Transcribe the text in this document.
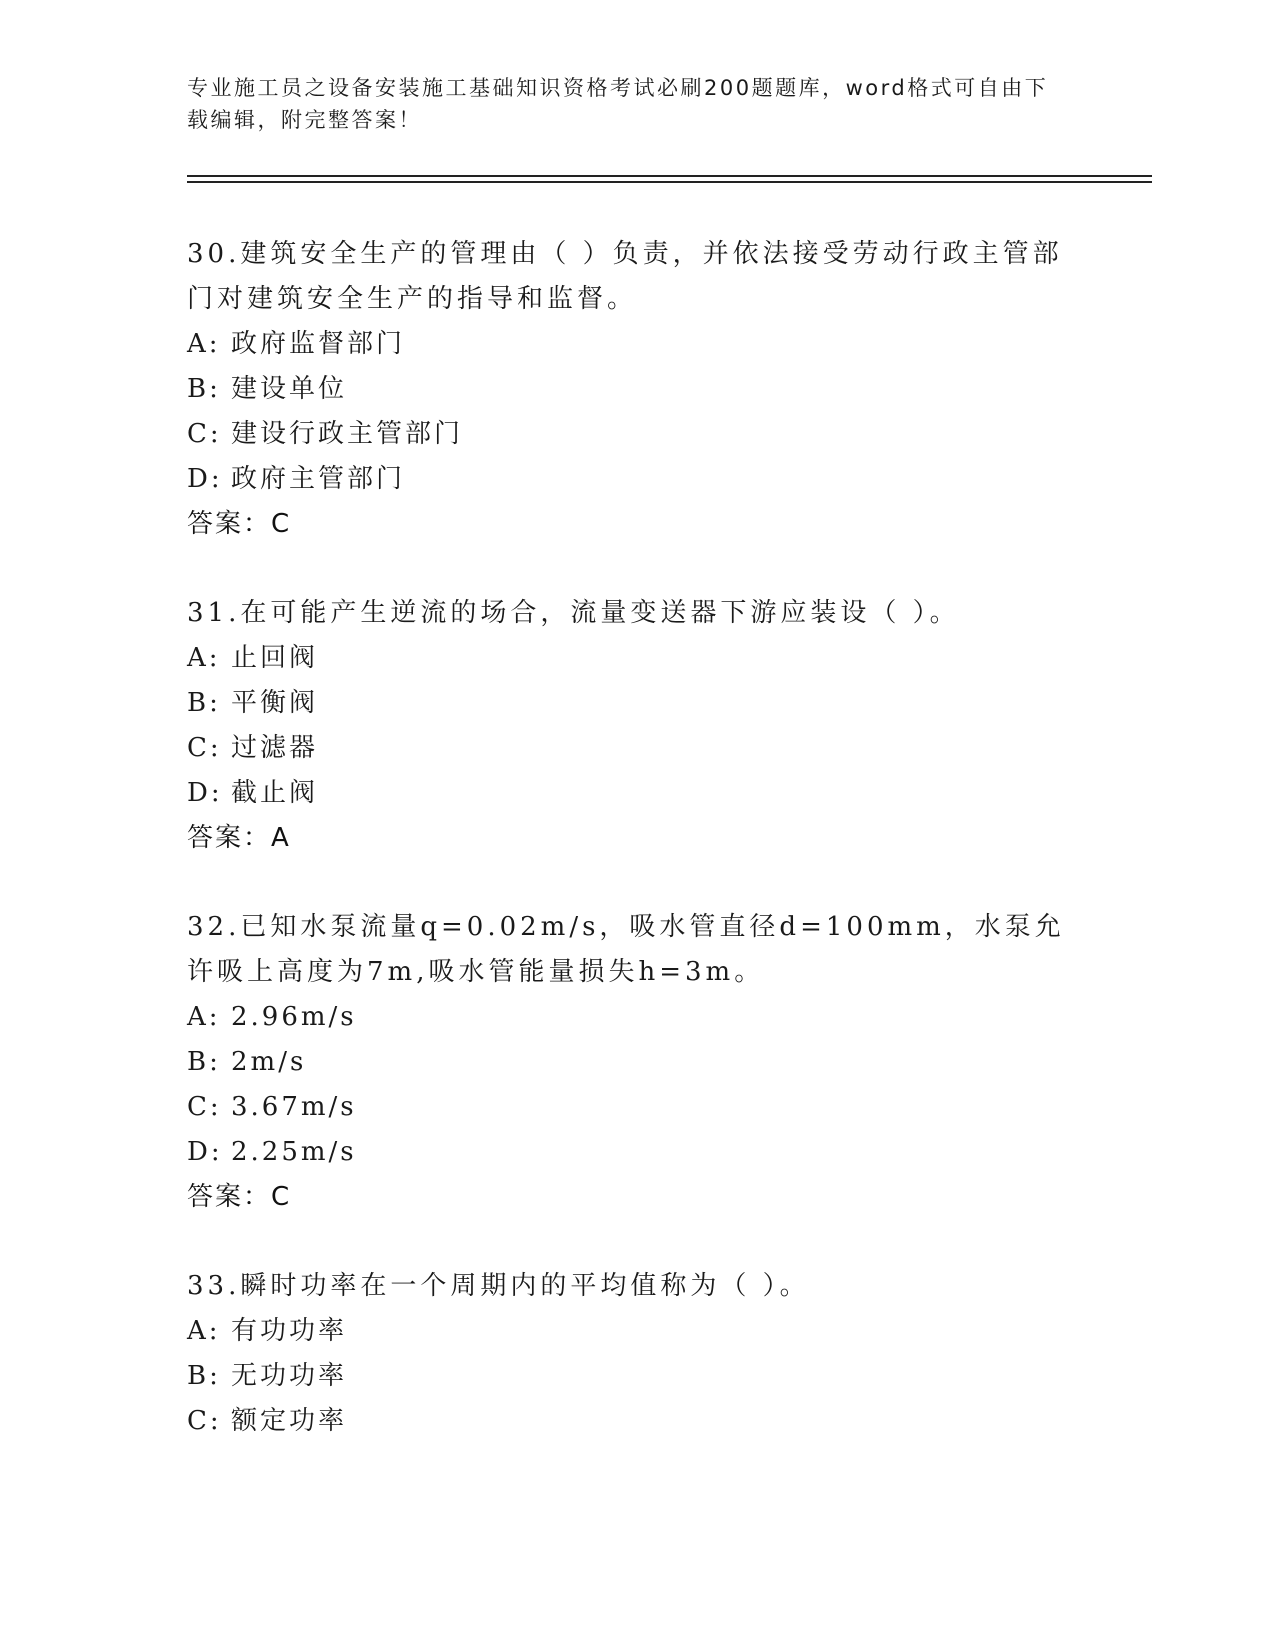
专业施工员之设备安装施工基础知识资格考试必刷200题题库，word格式可自由下载编辑，附完整答案！
30.建筑安全生产的管理由（ ）负责，并依法接受劳动行政主管部门对建筑安全生产的指导和监督。
A: 政府监督部门
B: 建设单位
C: 建设行政主管部门
D: 政府主管部门
答案：C
31.在可能产生逆流的场合，流量变送器下游应装设（ ）。
A: 止回阀
B: 平衡阀
C: 过滤器
D: 截止阀
答案：A
32.已知水泵流量q=0.02m/s，吸水管直径d=100mm，水泵允许吸上高度为7m,吸水管能量损失h=3m。
A: 2.96m/s
B: 2m/s
C: 3.67m/s
D: 2.25m/s
答案：C
33.瞬时功率在一个周期内的平均值称为（ ）。
A: 有功功率
B: 无功功率
C: 额定功率
